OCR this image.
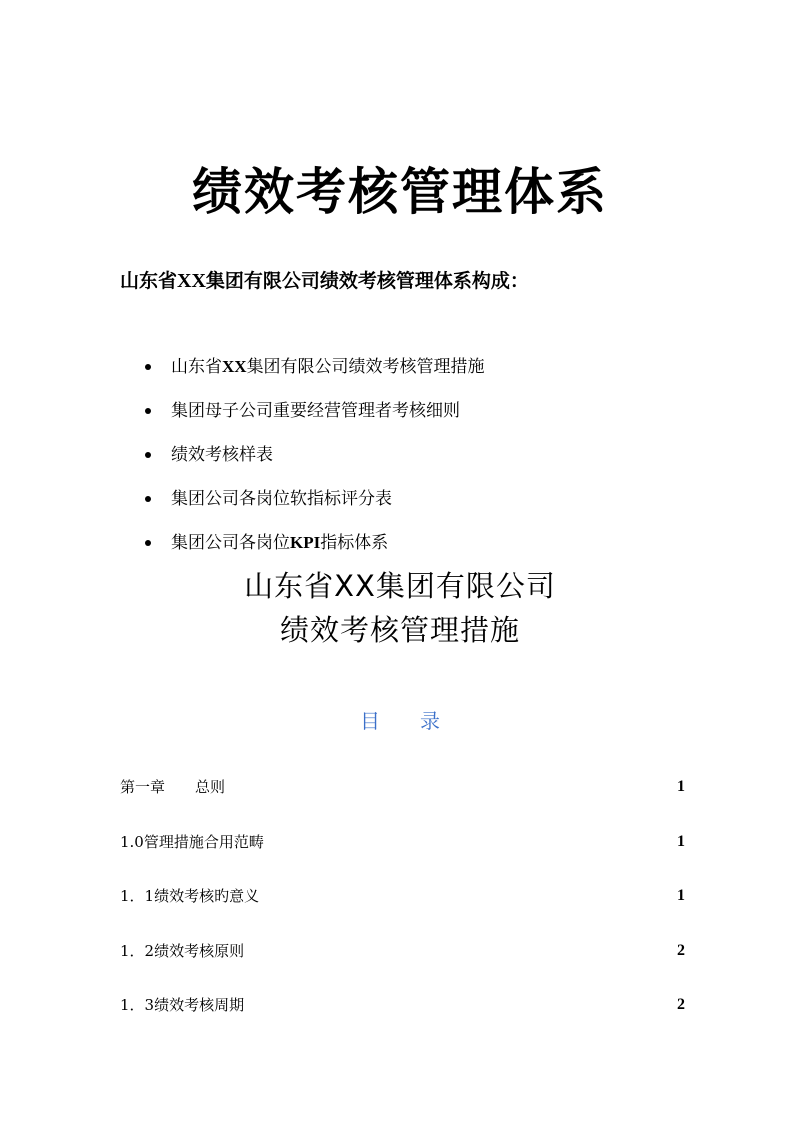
绩效考核管理体系

山东省XX集团有限公司绩效考核管理体系构成：

山东省XX集团有限公司绩效考核管理措施
集团母子公司重要经营管理者考核细则
绩效考核样表
集团公司各岗位软指标评分表
集团公司各岗位KPI指标体系
山东省XX集团有限公司
绩效考核管理措施
目 录
第一章　　总则	1
1.0管理措施合用范畴	1
1．1绩效考核旳意义	1
1．2绩效考核原则	2
1．3绩效考核周期	2
